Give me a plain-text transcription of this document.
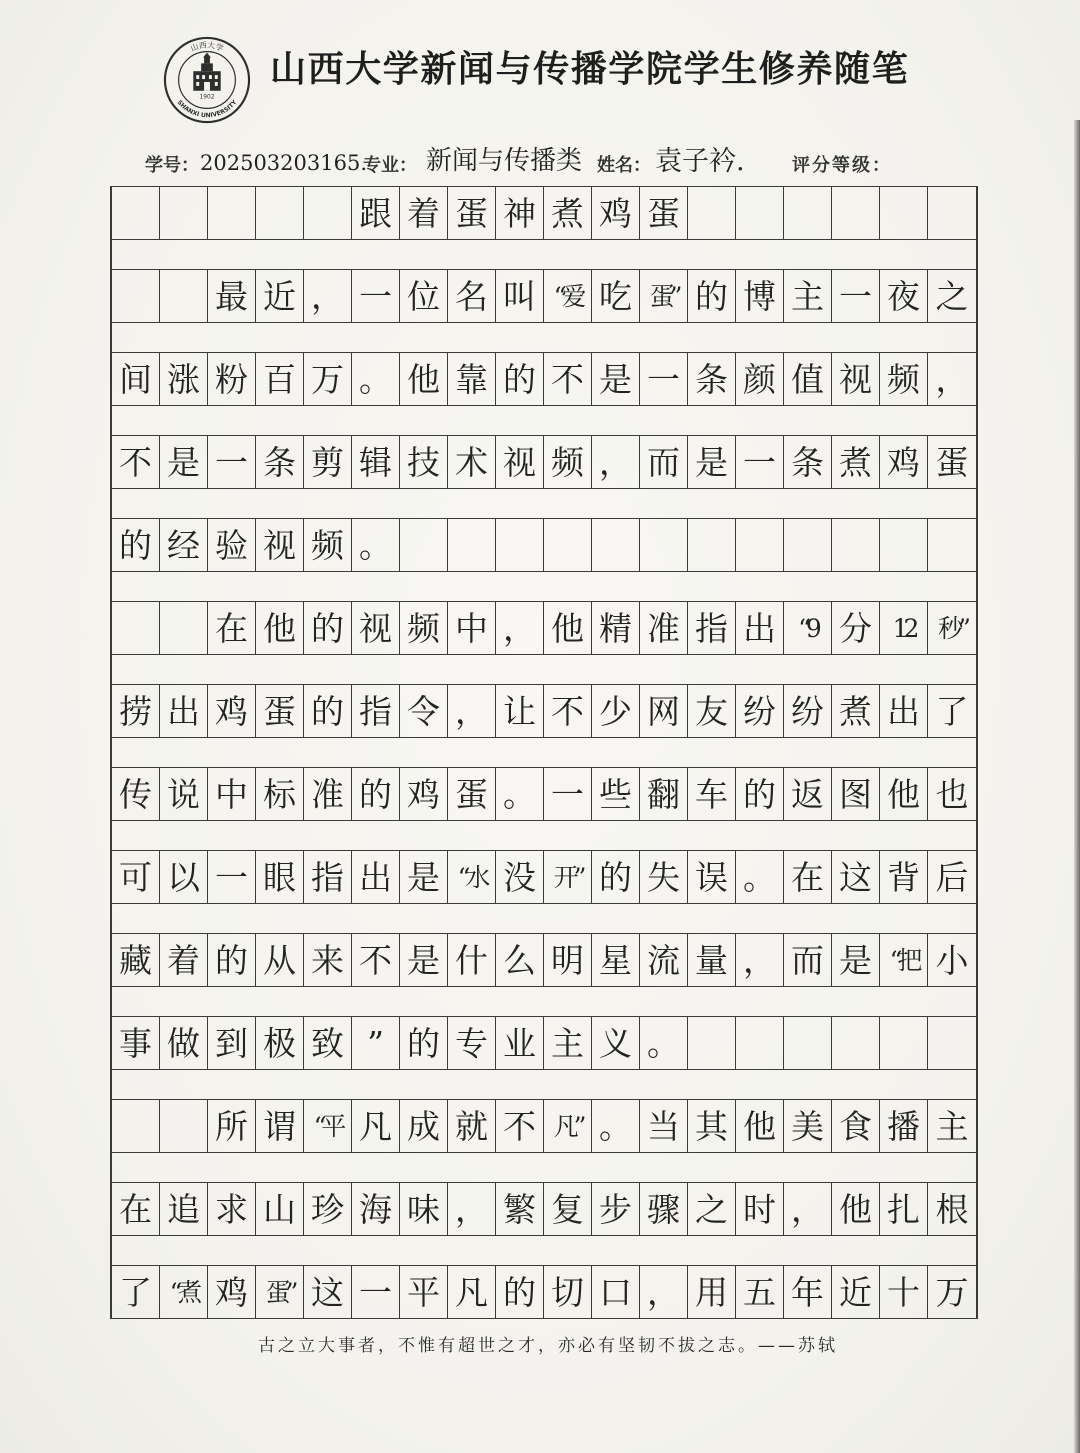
山西大学
SHANXI UNIVERSITY
1902
山西大学新闻与传播学院学生修养随笔
学号： 202503203165.
专业： 新闻与传播类 姓名： 袁子衿.	评分等级：
跟 着 蛋 神 煮 鸡 蛋
最 近 ， 一 位 名 叫 “爱 吃 蛋” 的 博 主 一 夜 之
间 涨 粉 百 万 。 他 靠 的 不 是 一 条 颜 值 视 频 ，
不 是 一 条 剪 辑 技 术 视 频 ， 而 是 一 条 煮 鸡 蛋
的 经 验 视 频 。
在 他 的 视 频 中 ， 他 精 准 指 出 “9 分 12 秒”
捞 出 鸡 蛋 的 指 令 ， 让 不 少 网 友 纷 纷 煮 出 了
传 说 中 标 准 的 鸡 蛋 。 一 些 翻 车 的 返 图 他 也
可 以 一 眼 指 出 是 “水 没 开” 的 失 误 。 在 这 背 后
藏 着 的 从 来 不 是 什 么 明 星 流 量 ， 而 是 “把 小
事 做 到 极 致 ” 的 专 业 主 义 。
所 谓 “平 凡 成 就 不 凡” 。 当 其 他 美 食 播 主
在 追 求 山 珍 海 味 ， 繁 复 步 骤 之 时 ， 他 扎 根
了 “煮 鸡 蛋” 这 一 平 凡 的 切 口 ， 用 五 年 近 十 万
古之立大事者，不惟有超世之才，亦必有坚韧不拔之志。——苏轼
